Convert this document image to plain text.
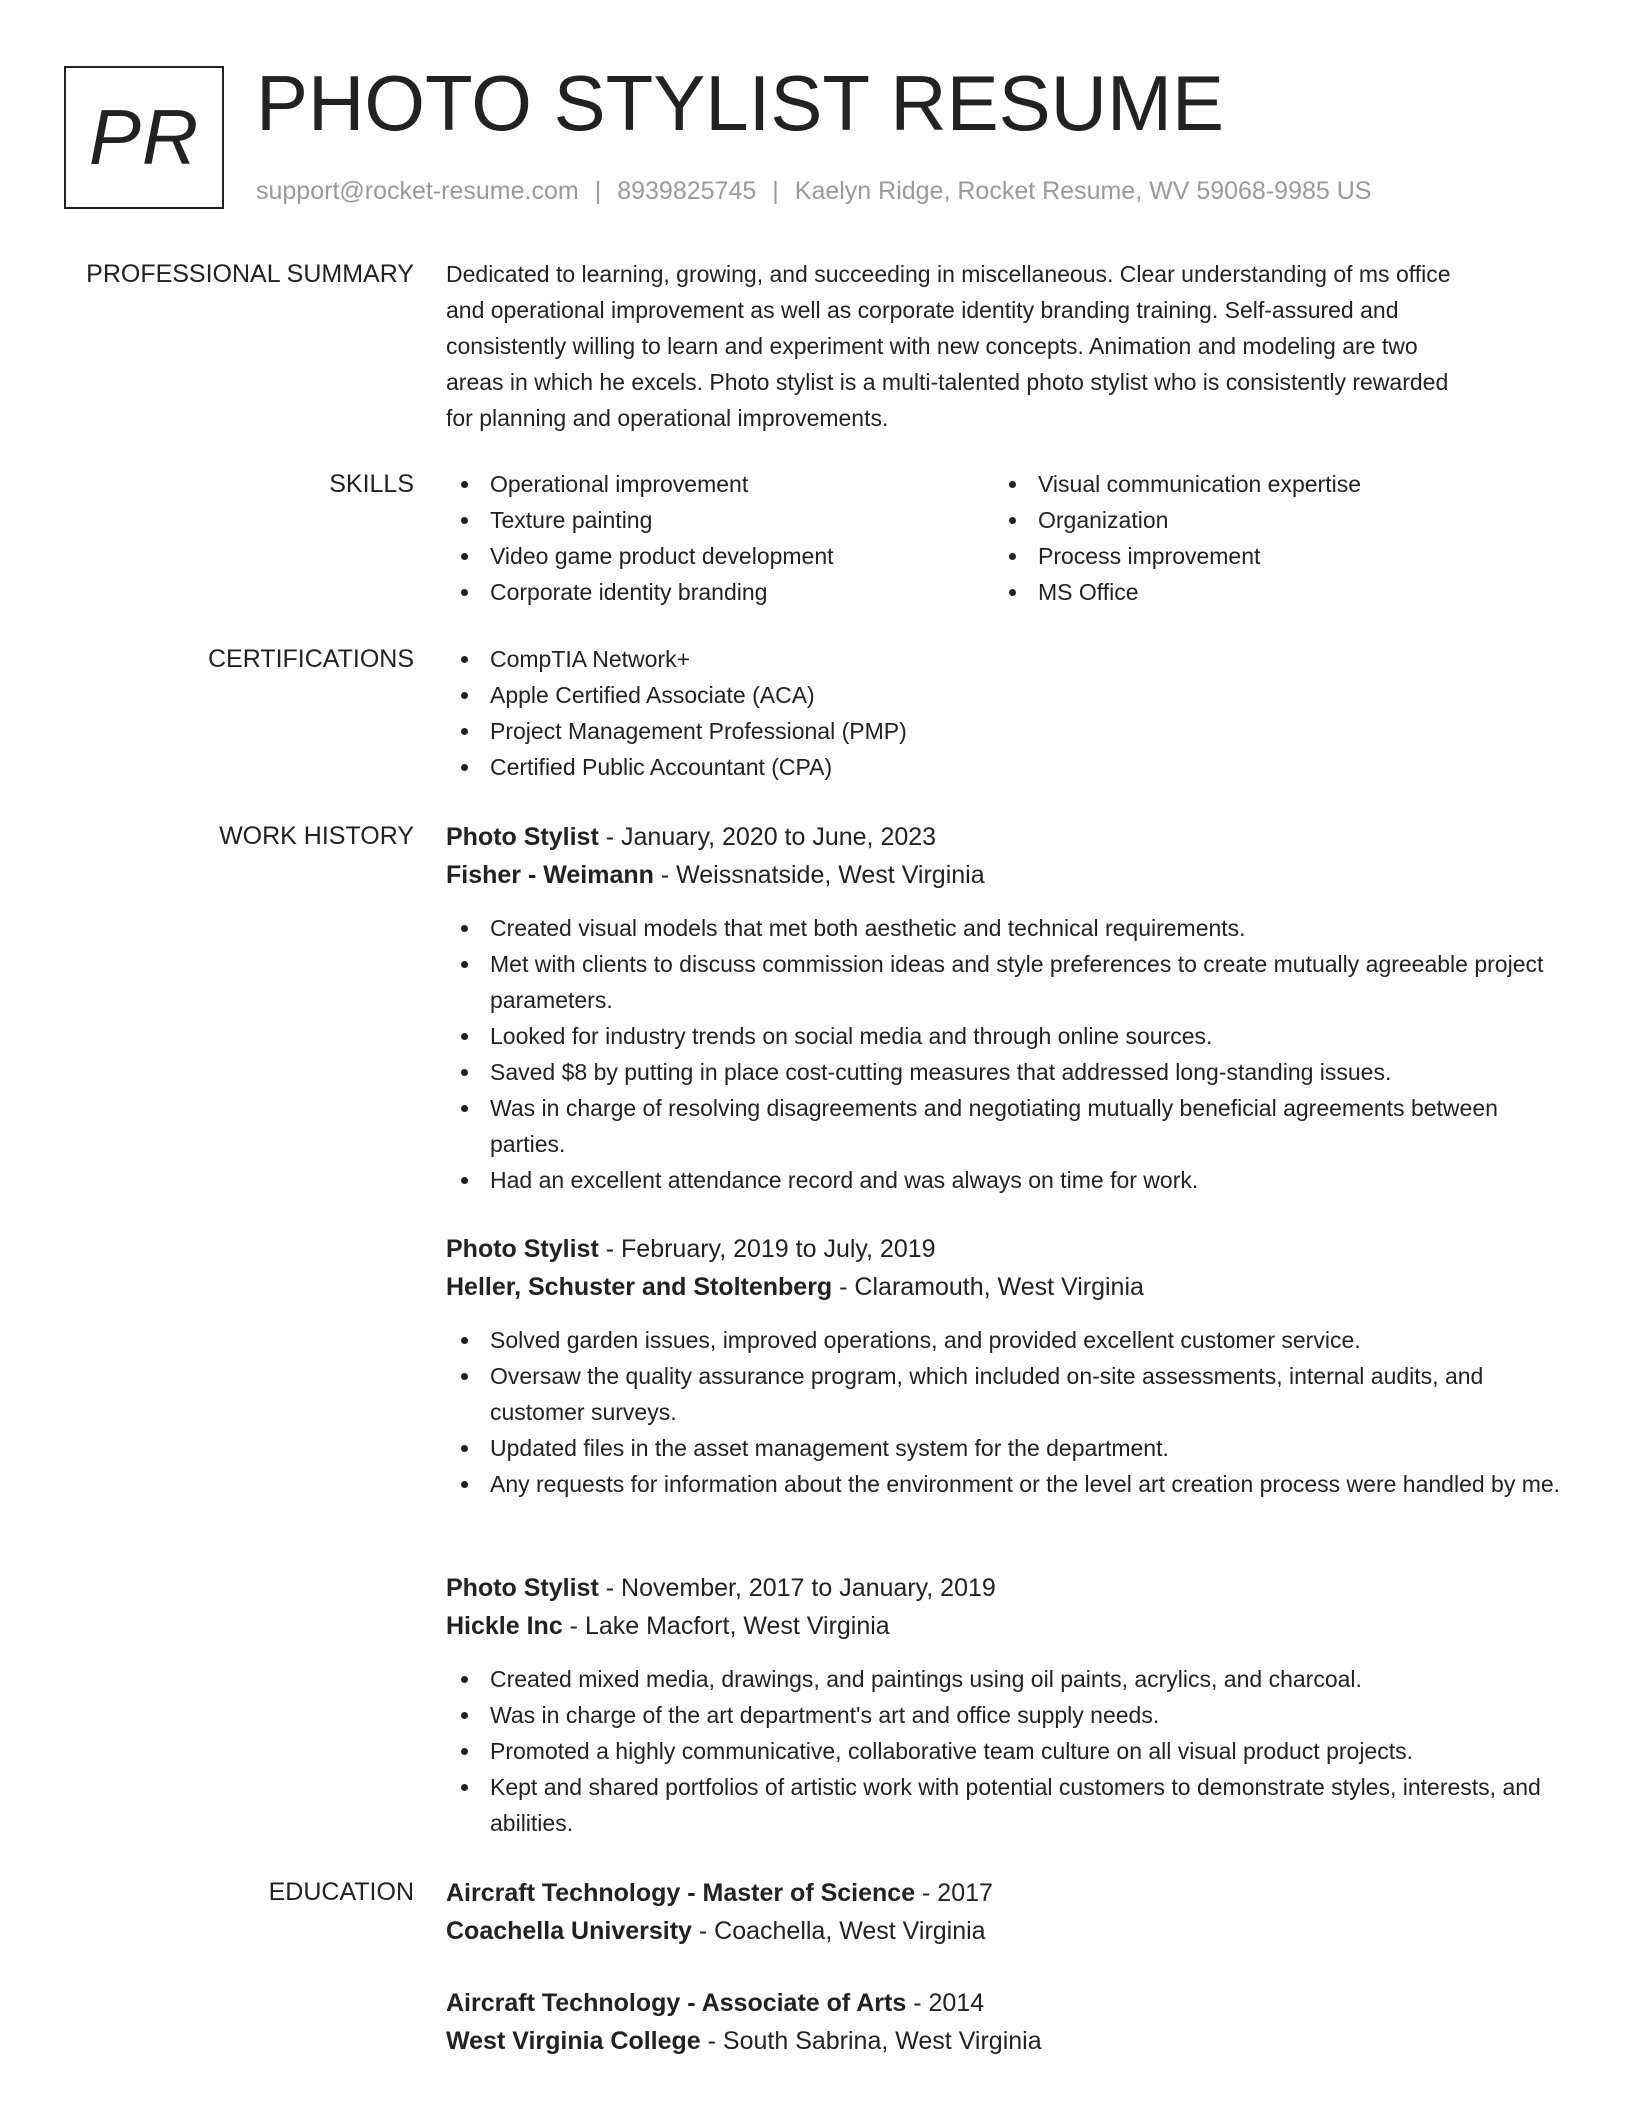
PR PHOTO STYLIST RESUME
support@rocket-resume.com | 8939825745 | Kaelyn Ridge, Rocket Resume, WV 59068-9985 US
PROFESSIONAL SUMMARY Dedicated to learning, growing, and succeeding in miscellaneous. Clear understanding of ms office
and operational improvement as well as corporate identity branding training. Self-assured and
consistently willing to learn and experiment with new concepts. Animation and modeling are two
areas in which he excels. Photo stylist is a multi-talented photo stylist who is consistently rewarded
for planning and operational improvements.
SKILLS	Operational improvement
Texture painting
Video game product development
Corporate identity branding
Visual communication expertise
Organization
Process improvement
MS Office
CERTIFICATIONS	CompTIA Network+
Apple Certified Associate (ACA)
Project Management Professional (PMP)
Certified Public Accountant (CPA)
WORK HISTORY Photo Stylist - January, 2020 to June, 2023
Fisher - Weimann - Weissnatside, West Virginia
Created visual models that met both aesthetic and technical requirements.
Met with clients to discuss commission ideas and style preferences to create mutually agreeable project parameters.
Looked for industry trends on social media and through online sources.
Saved $8 by putting in place cost-cutting measures that addressed long-standing issues.
Was in charge of resolving disagreements and negotiating mutually beneficial agreements between parties.
Had an excellent attendance record and was always on time for work.
Photo Stylist - February, 2019 to July, 2019
Heller, Schuster and Stoltenberg - Claramouth, West Virginia
Solved garden issues, improved operations, and provided excellent customer service.
Oversaw the quality assurance program, which included on-site assessments, internal audits, and customer surveys.
Updated files in the asset management system for the department.
Any requests for information about the environment or the level art creation process were handled by me.
Photo Stylist - November, 2017 to January, 2019
Hickle Inc - Lake Macfort, West Virginia
Created mixed media, drawings, and paintings using oil paints, acrylics, and charcoal.
Was in charge of the art department's art and office supply needs.
Promoted a highly communicative, collaborative team culture on all visual product projects.
Kept and shared portfolios of artistic work with potential customers to demonstrate styles, interests, and abilities.
EDUCATION Aircraft Technology - Master of Science - 2017
Coachella University - Coachella, West Virginia
Aircraft Technology - Associate of Arts - 2014
West Virginia College - South Sabrina, West Virginia
